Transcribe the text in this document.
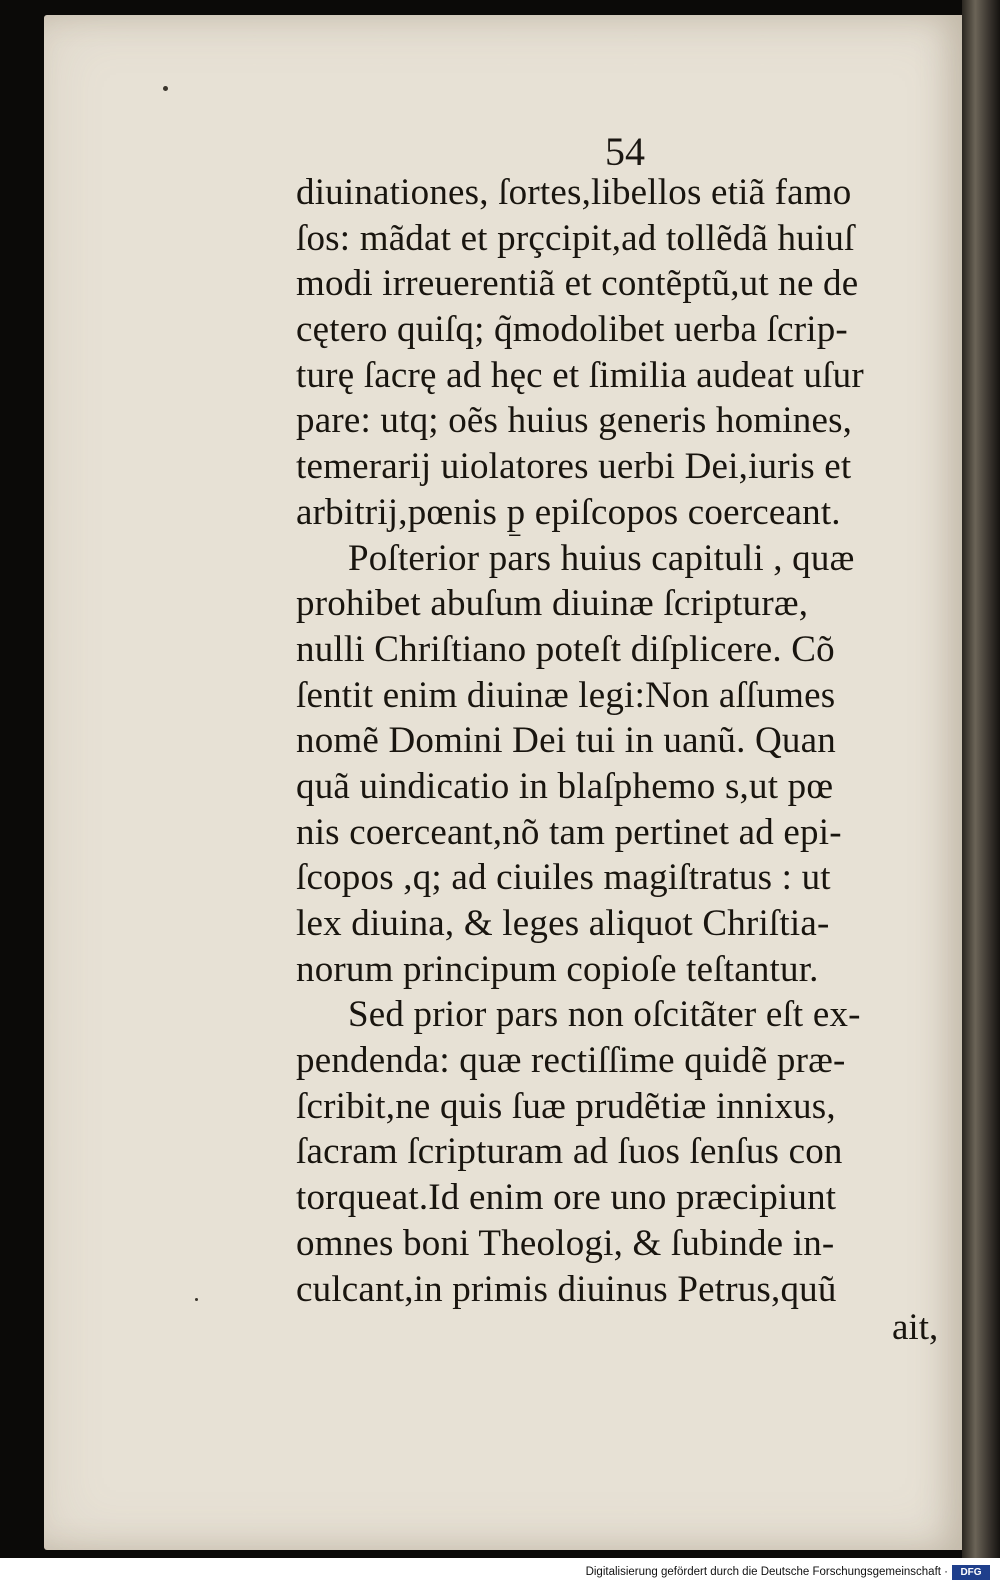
54
diuinationes, ſortes,libellos etiã famo
ſos: mãdat et prçcipit,ad tollẽdã huiuſ
modi irreuerentiã et contẽptũ,ut ne de
cętero quiſq; q̃modolibet uerba ſcrip-
turę ſacrę ad hęc et ſimilia audeat uſur
pare: utq; oẽs huius generis homines,
temerarij uiolatores uerbi Dei,iuris et
arbitrij,pœnis p̱ epiſcopos coerceant.
Poſterior pars huius capituli , quæ
prohibet abuſum diuinæ ſcripturæ,
nulli Chriſtiano poteſt diſplicere. Cõ
ſentit enim diuinæ legi:Non aſſumes
nomẽ Domini Dei tui in uanũ. Quan
quã uindicatio in blaſphemo s,ut pœ
nis coerceant,nõ tam pertinet ad epi-
ſcopos ,q; ad ciuiles magiſtratus : ut
lex diuina, & leges aliquot Chriſtia-
norum principum copioſe teſtantur.
Sed prior pars non oſcitãter eſt ex-
pendenda: quæ rectiſſime quidẽ præ-
ſcribit,ne quis ſuæ prudẽtiæ innixus,
ſacram ſcripturam ad ſuos ſenſus con
torqueat.Id enim ore uno præcipiunt
omnes boni Theologi, & ſubinde in-
culcant,in primis diuinus Petrus,quũ
ait,
Digitalisierung gefördert durch die Deutsche Forschungsgemeinschaft ·	DFG
